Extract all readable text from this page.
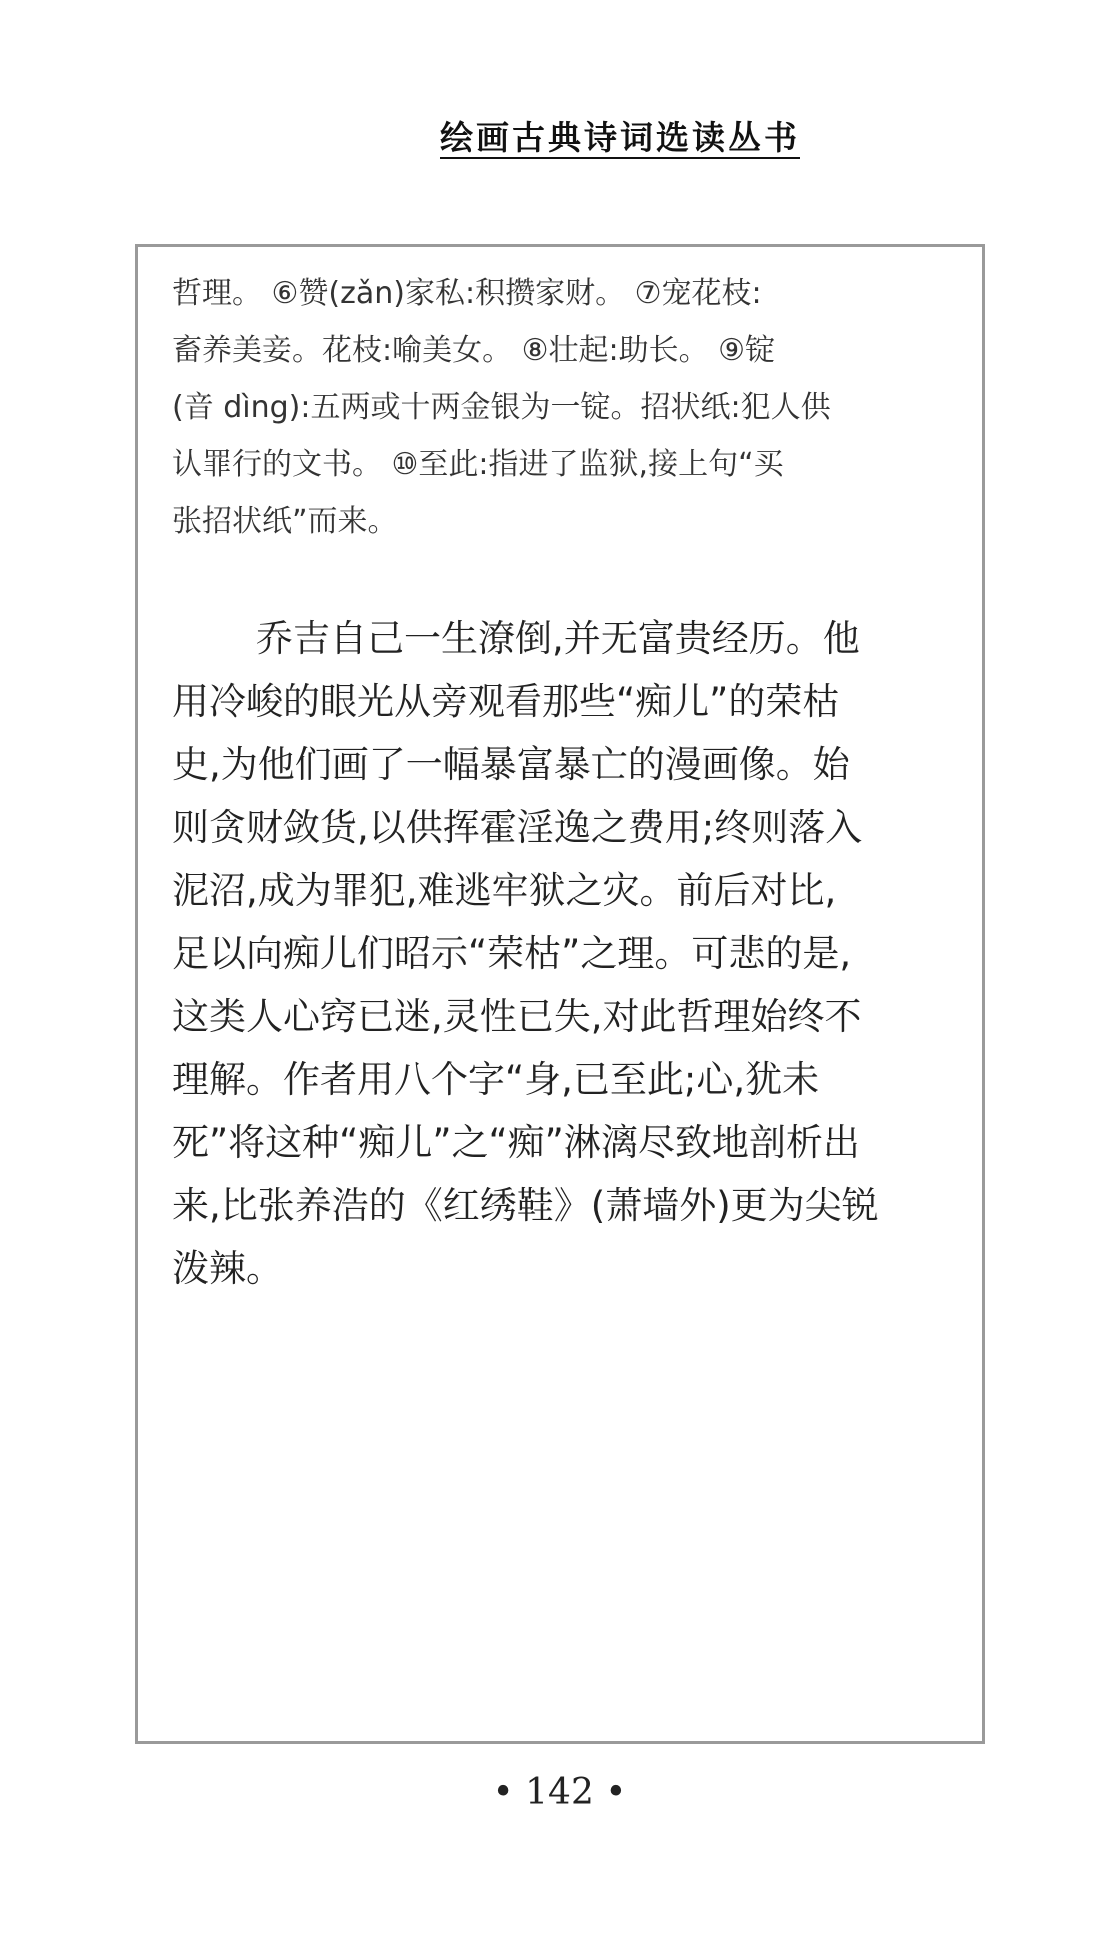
绘画古典诗词选读丛书
哲理。 ⑥赞(zǎn)家私:积攒家财。 ⑦宠花枝:
畜养美妾。花枝:喻美女。 ⑧壮起:助长。 ⑨锭
(音 dìng):五两或十两金银为一锭。招状纸:犯人供
认罪行的文书。 ⑩至此:指进了监狱,接上句“买
张招状纸”而来。
乔吉自己一生潦倒,并无富贵经历。他
用冷峻的眼光从旁观看那些“痴儿”的荣枯
史,为他们画了一幅暴富暴亡的漫画像。始
则贪财敛货,以供挥霍淫逸之费用;终则落入
泥沼,成为罪犯,难逃牢狱之灾。前后对比,
足以向痴儿们昭示“荣枯”之理。可悲的是,
这类人心窍已迷,灵性已失,对此哲理始终不
理解。作者用八个字“身,已至此;心,犹未
死”将这种“痴儿”之“痴”淋漓尽致地剖析出
来,比张养浩的《红绣鞋》(萧墙外)更为尖锐
泼辣。
• 142 •
